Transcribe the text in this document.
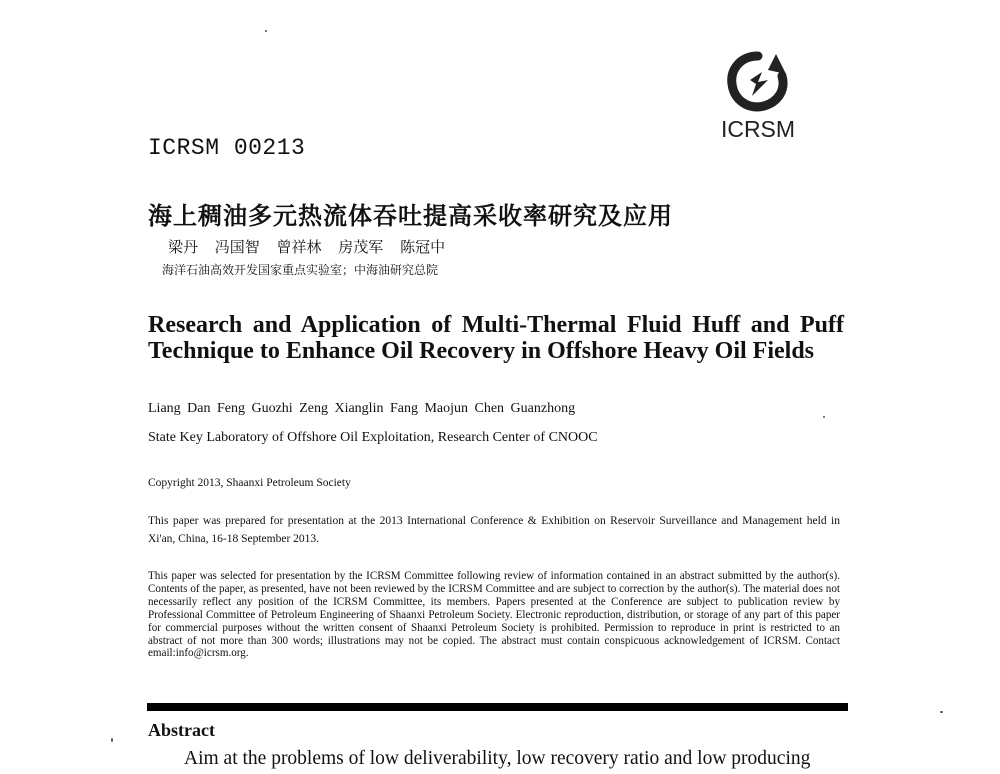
ICRSM
ICRSM 00213
海上稠油多元热流体吞吐提高采收率研究及应用
梁丹 冯国智 曾祥林 房茂军 陈冠中
海洋石油高效开发国家重点实验室；中海油研究总院
Research and Application of Multi-Thermal Fluid Huff and Puff Technique to Enhance Oil Recovery in Offshore Heavy Oil Fields
Liang Dan Feng Guozhi Zeng Xianglin Fang Maojun Chen Guanzhong
State Key Laboratory of Offshore Oil Exploitation, Research Center of CNOOC
Copyright 2013, Shaanxi Petroleum Society
This paper was prepared for presentation at the 2013 International Conference & Exhibition on Reservoir Surveillance and Management held in Xi'an, China, 16-18 September 2013.
This paper was selected for presentation by the ICRSM Committee following review of information contained in an abstract submitted by the author(s). Contents of the paper, as presented, have not been reviewed by the ICRSM Committee and are subject to correction by the author(s). The material does not necessarily reflect any position of the ICRSM Committee, its members. Papers presented at the Conference are subject to publication review by Professional Committee of Petroleum Engineering of Shaanxi Petroleum Society. Electronic reproduction, distribution, or storage of any part of this paper for commercial purposes without the written consent of Shaanxi Petroleum Society is prohibited. Permission to reproduce in print is restricted to an abstract of not more than 300 words; illustrations may not be copied. The abstract must contain conspicuous acknowledgement of ICRSM. Contact email:info@icrsm.org.
Abstract
Aim at the problems of low deliverability, low recovery ratio and low producing
